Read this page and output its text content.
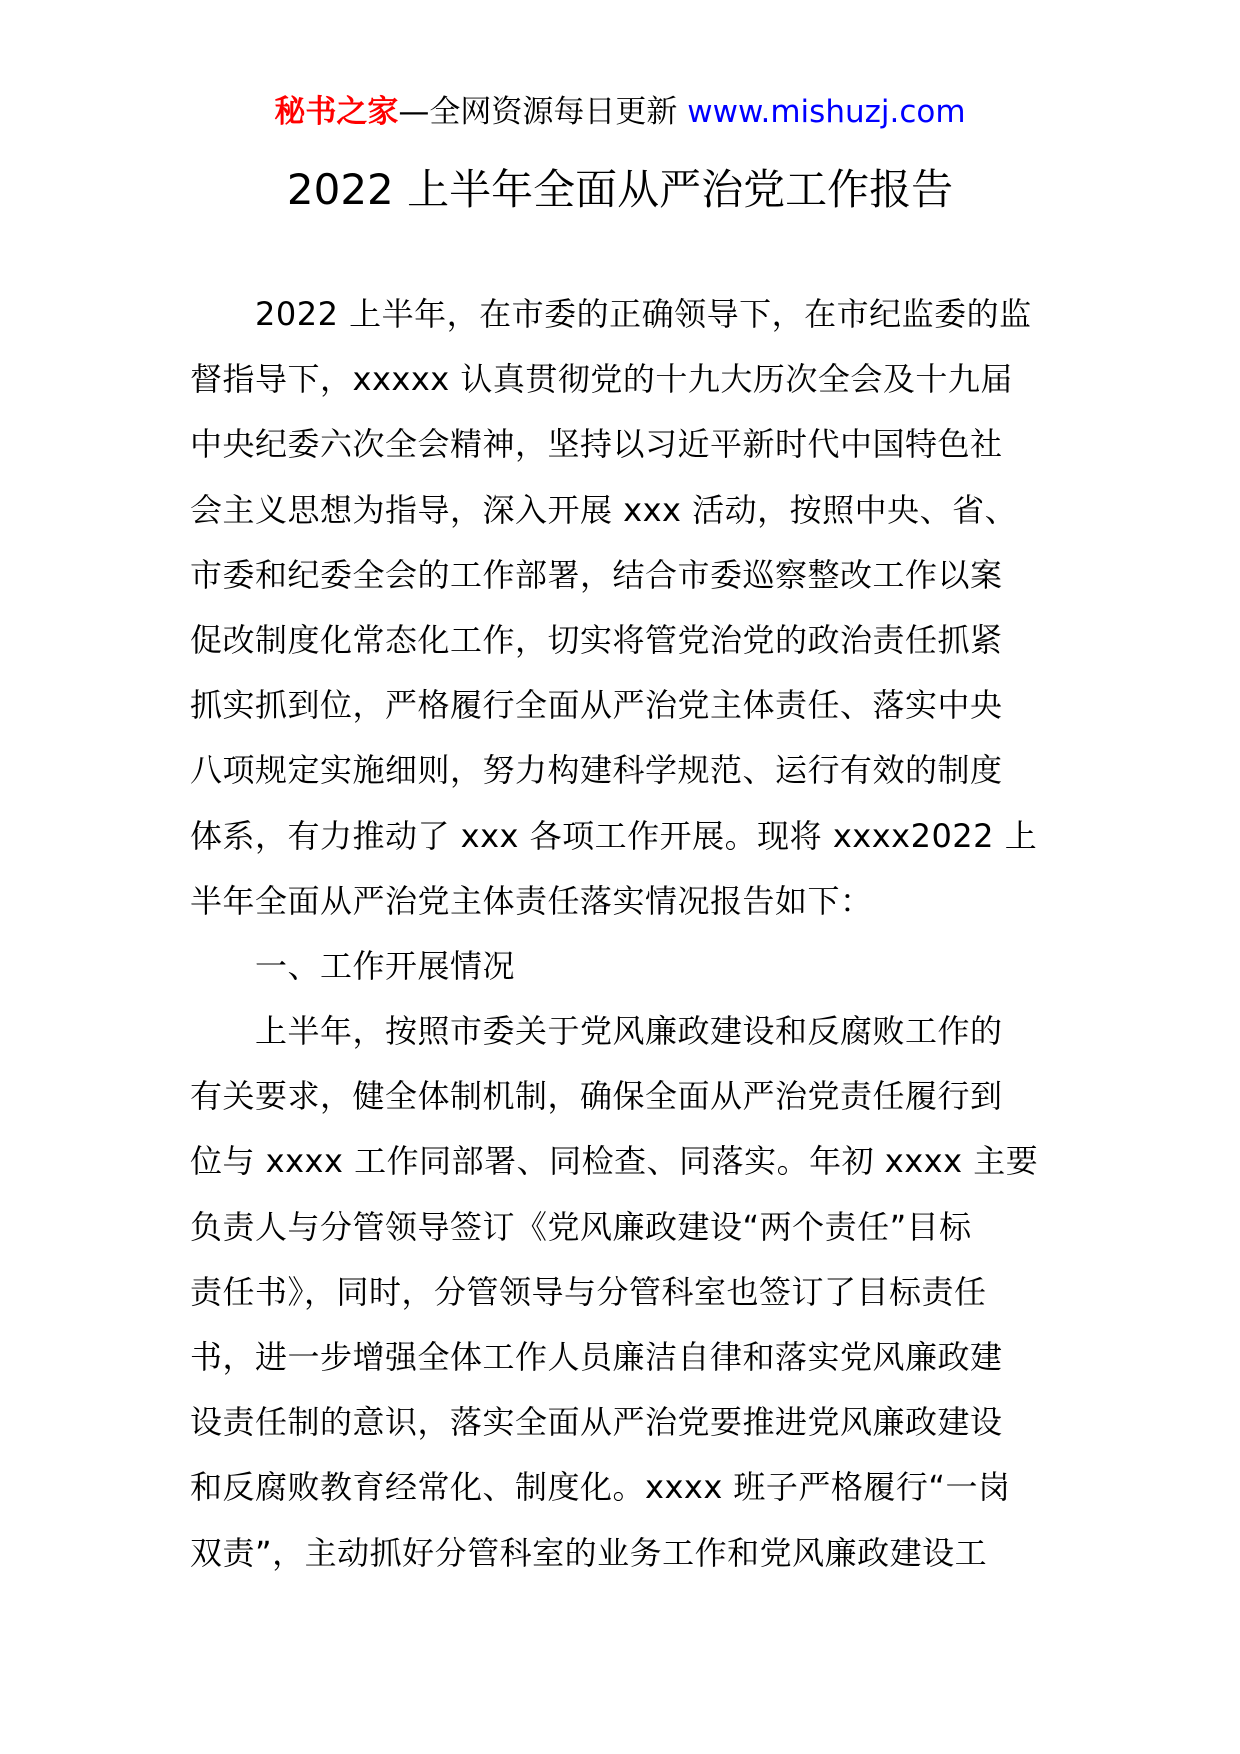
秘书之家—全网资源每日更新 www.mishuzj.com
2022 上半年全面从严治党工作报告
2022 上半年，在市委的正确领导下，在市纪监委的监
督指导下，xxxxx 认真贯彻党的十九大历次全会及十九届
中央纪委六次全会精神，坚持以习近平新时代中国特色社
会主义思想为指导，深入开展 xxx 活动，按照中央、省、
市委和纪委全会的工作部署，结合市委巡察整改工作以案
促改制度化常态化工作，切实将管党治党的政治责任抓紧
抓实抓到位，严格履行全面从严治党主体责任、落实中央
八项规定实施细则，努力构建科学规范、运行有效的制度
体系，有力推动了 xxx 各项工作开展。现将 xxxx2022 上
半年全面从严治党主体责任落实情况报告如下：
一、工作开展情况
上半年，按照市委关于党风廉政建设和反腐败工作的
有关要求，健全体制机制，确保全面从严治党责任履行到
位与 xxxx 工作同部署、同检查、同落实。年初 xxxx 主要
负责人与分管领导签订《党风廉政建设“两个责任”目标
责任书》，同时，分管领导与分管科室也签订了目标责任
书，进一步增强全体工作人员廉洁自律和落实党风廉政建
设责任制的意识，落实全面从严治党要推进党风廉政建设
和反腐败教育经常化、制度化。xxxx 班子严格履行“一岗
双责”，主动抓好分管科室的业务工作和党风廉政建设工
